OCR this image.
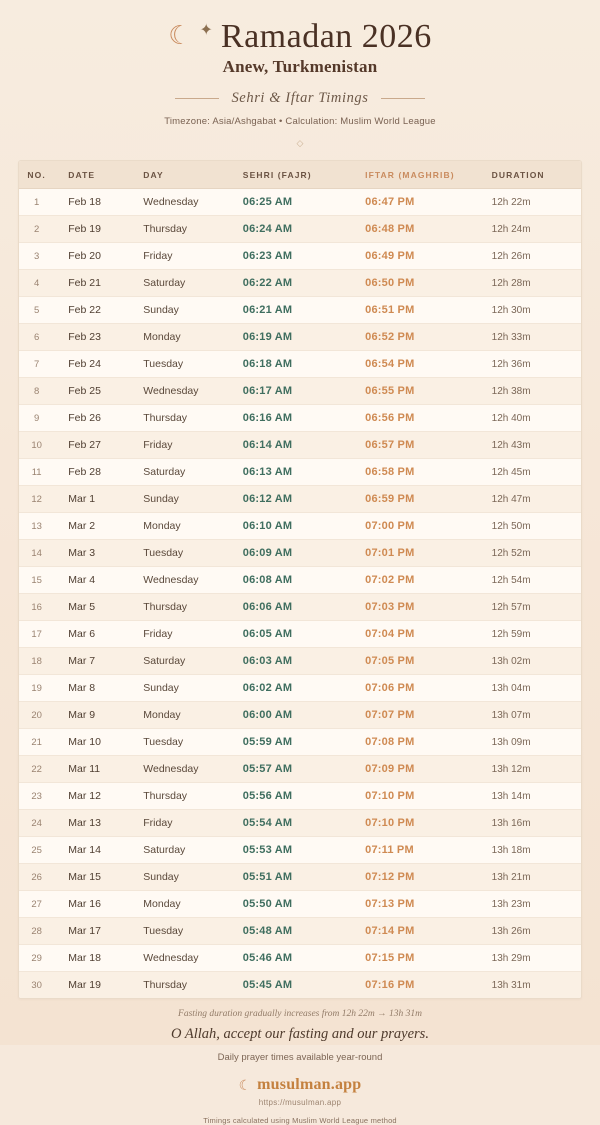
☾ ✦ Ramadan 2026
Anew, Turkmenistan
Sehri & Iftar Timings
Timezone: Asia/Ashgabat • Calculation: Muslim World League
◇
NO.	DATE	DAY	SEHRI (FAJR)	IFTAR (MAGHRIB)	DURATION
1	Feb 18	Wednesday	06:25 AM	06:47 PM	12h 22m
2	Feb 19	Thursday	06:24 AM	06:48 PM	12h 24m
3	Feb 20	Friday	06:23 AM	06:49 PM	12h 26m
4	Feb 21	Saturday	06:22 AM	06:50 PM	12h 28m
5	Feb 22	Sunday	06:21 AM	06:51 PM	12h 30m
6	Feb 23	Monday	06:19 AM	06:52 PM	12h 33m
7	Feb 24	Tuesday	06:18 AM	06:54 PM	12h 36m
8	Feb 25	Wednesday	06:17 AM	06:55 PM	12h 38m
9	Feb 26	Thursday	06:16 AM	06:56 PM	12h 40m
10	Feb 27	Friday	06:14 AM	06:57 PM	12h 43m
11	Feb 28	Saturday	06:13 AM	06:58 PM	12h 45m
12	Mar 1	Sunday	06:12 AM	06:59 PM	12h 47m
13	Mar 2	Monday	06:10 AM	07:00 PM	12h 50m
14	Mar 3	Tuesday	06:09 AM	07:01 PM	12h 52m
15	Mar 4	Wednesday	06:08 AM	07:02 PM	12h 54m
16	Mar 5	Thursday	06:06 AM	07:03 PM	12h 57m
17	Mar 6	Friday	06:05 AM	07:04 PM	12h 59m
18	Mar 7	Saturday	06:03 AM	07:05 PM	13h 02m
19	Mar 8	Sunday	06:02 AM	07:06 PM	13h 04m
20	Mar 9	Monday	06:00 AM	07:07 PM	13h 07m
21	Mar 10	Tuesday	05:59 AM	07:08 PM	13h 09m
22	Mar 11	Wednesday	05:57 AM	07:09 PM	13h 12m
23	Mar 12	Thursday	05:56 AM	07:10 PM	13h 14m
24	Mar 13	Friday	05:54 AM	07:10 PM	13h 16m
25	Mar 14	Saturday	05:53 AM	07:11 PM	13h 18m
26	Mar 15	Sunday	05:51 AM	07:12 PM	13h 21m
27	Mar 16	Monday	05:50 AM	07:13 PM	13h 23m
28	Mar 17	Tuesday	05:48 AM	07:14 PM	13h 26m
29	Mar 18	Wednesday	05:46 AM	07:15 PM	13h 29m
30	Mar 19	Thursday	05:45 AM	07:16 PM	13h 31m
Fasting duration gradually increases from 12h 22m → 13h 31m
O Allah, accept our fasting and our prayers.
Daily prayer times available year-round
☾ musulman.app
https://musulman.app
Timings calculated using Muslim World League method
